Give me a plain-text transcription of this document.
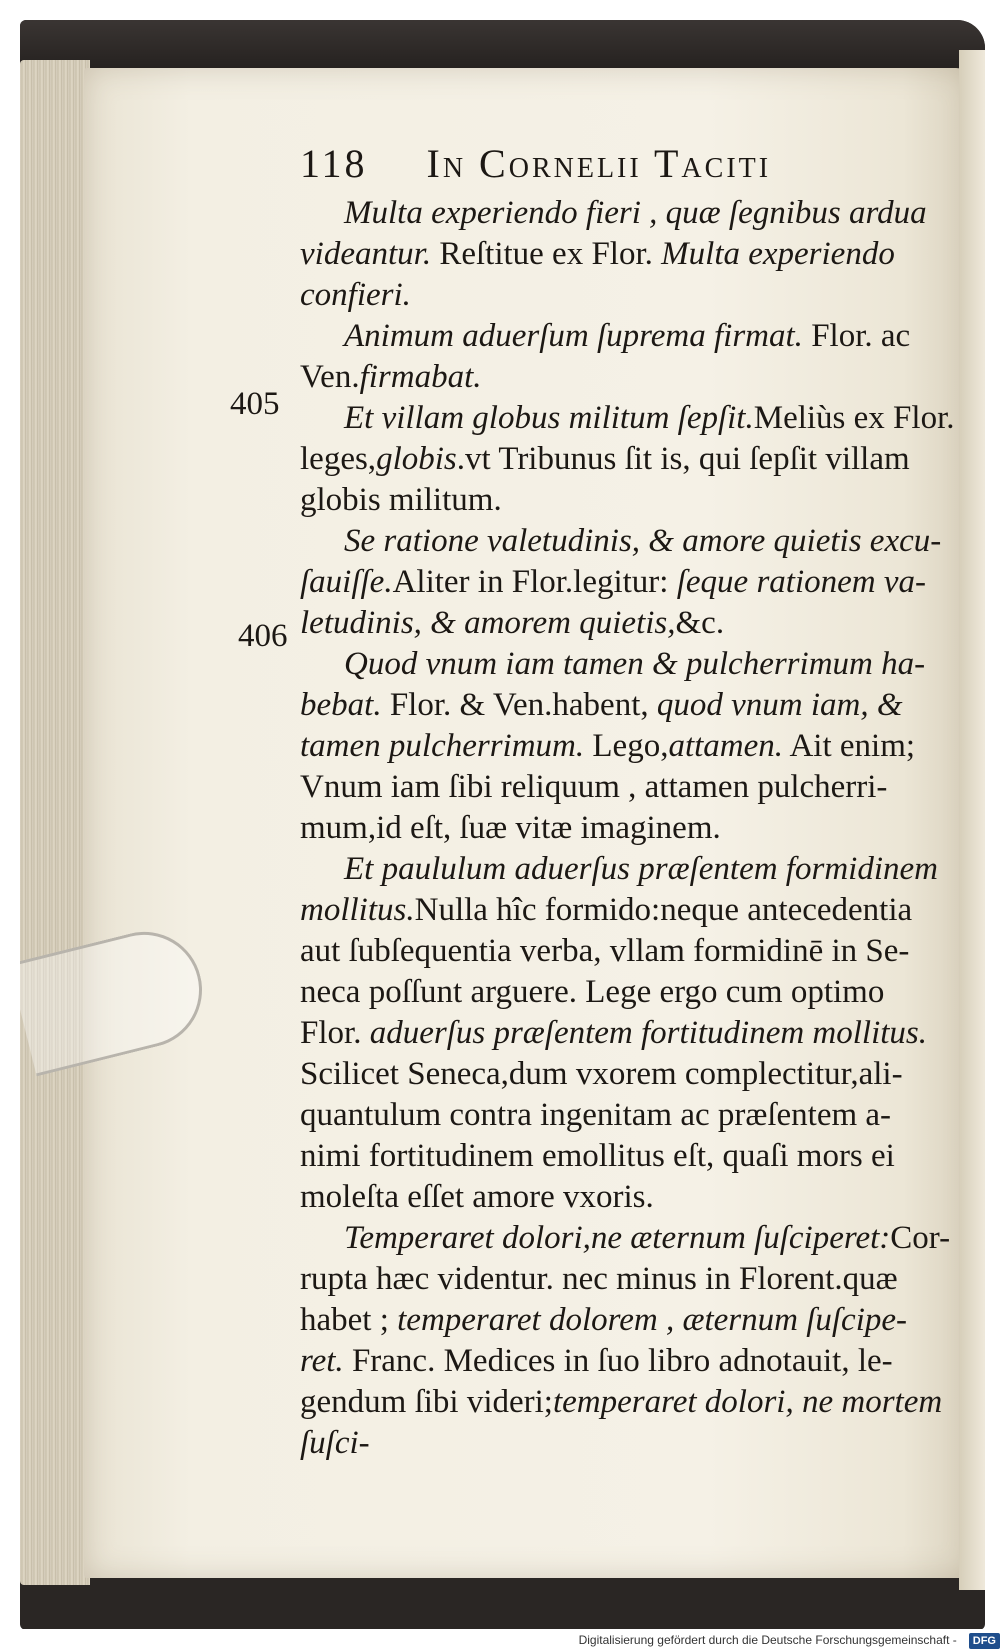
405
406
118 In Cornelii Taciti
Multa experiendo fieri , quæ ſegnibus ardua
videantur. Reſtitue ex Flor. Multa experiendo
confieri.
Animum aduerſum ſuprema firmat. Flor. ac
Ven.firmabat.
Et villam globus militum ſepſit.Meliùs ex Flor.
leges,globis.vt Tribunus ſit is, qui ſepſit villam
globis militum.
Se ratione valetudinis, & amore quietis excu-
ſauiſſe.Aliter in Flor.legitur: ſeque rationem va-
letudinis, & amorem quietis,&c.
Quod vnum iam tamen & pulcherrimum ha-
bebat. Flor. & Ven.habent, quod vnum iam, &
tamen pulcherrimum. Lego,attamen. Ait enim;
Vnum iam ſibi reliquum , attamen pulcherri-
mum,id eſt, ſuæ vitæ imaginem.
Et paululum aduerſus præſentem formidinem
mollitus.Nulla hîc formido:neque antecedentia
aut ſubſequentia verba, vllam formidinē in Se-
neca poſſunt arguere. Lege ergo cum optimo
Flor. aduerſus præſentem fortitudinem mollitus.
Scilicet Seneca,dum vxorem complectitur,ali-
quantulum contra ingenitam ac præſentem a-
nimi fortitudinem emollitus eſt, quaſi mors ei
moleſta eſſet amore vxoris.
Temperaret dolori,ne æternum ſuſciperet:Cor-
rupta hæc videntur. nec minus in Florent.quæ
habet ; temperaret dolorem , æternum ſuſcipe-
ret. Franc. Medices in ſuo libro adnotauit, le-
gendum ſibi videri;temperaret dolori, ne mortem
ſuſci-
Digitalisierung gefördert durch die Deutsche Forschungsgemeinschaft - DFG
